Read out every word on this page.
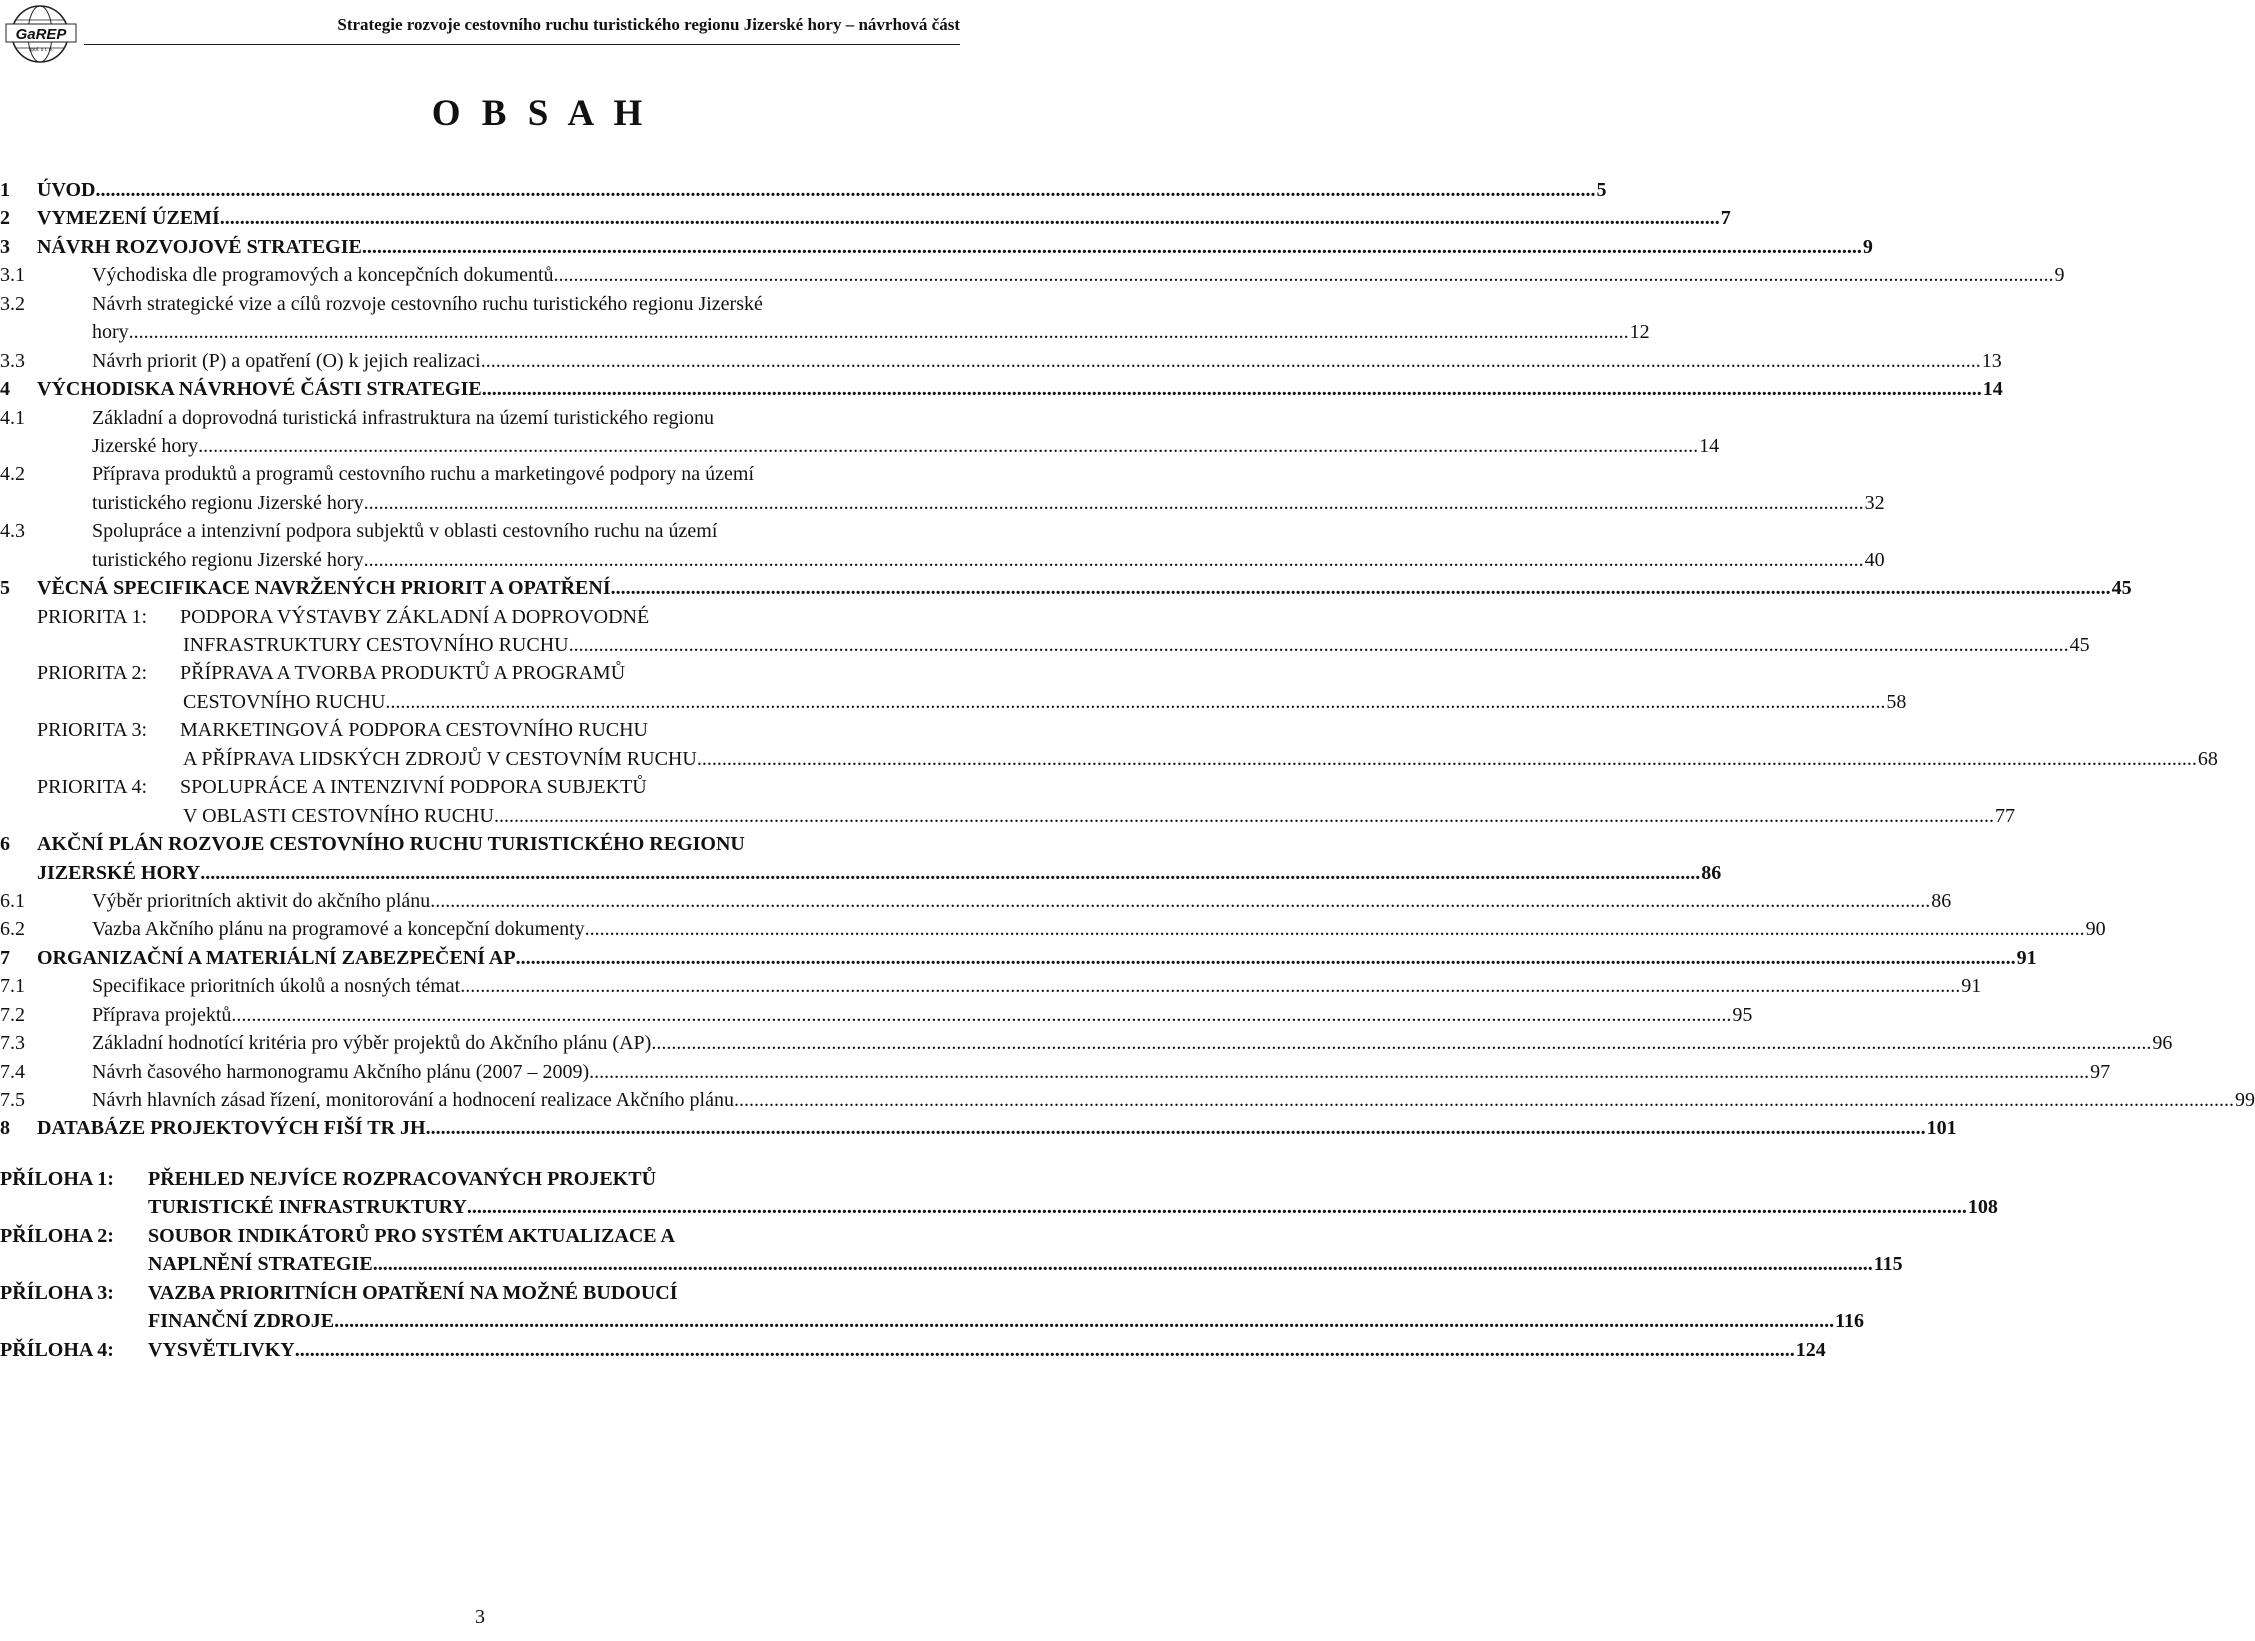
GaREP
spol. s r. o.
Strategie rozvoje cestovního ruchu turistického regionu Jizerské hory – návrhová část
O B S A H
1 ÚVOD ............................................................................................................................................................................................................................................................................................................ 5
2 VYMEZENÍ ÚZEMÍ ............................................................................................................................................................................................................................................................................................................ 7
3 NÁVRH ROZVOJOVÉ STRATEGIE ............................................................................................................................................................................................................................................................................................................ 9
3.1	Východiska dle programových a koncepčních dokumentů ............................................................................................................................................................................................................................................................................................................ 9
3.2	Návrh strategické vize a cílů rozvoje cestovního ruchu turistického regionu Jizerské
hory ............................................................................................................................................................................................................................................................................................................ 12
3.3	Návrh priorit (P) a opatření (O) k jejich realizaci ............................................................................................................................................................................................................................................................................................................ 13
4 VÝCHODISKA NÁVRHOVÉ ČÁSTI STRATEGIE ............................................................................................................................................................................................................................................................................................................ 14
4.1	Základní a doprovodná turistická infrastruktura na území turistického regionu
Jizerské hory ............................................................................................................................................................................................................................................................................................................ 14
4.2	Příprava produktů a programů cestovního ruchu a marketingové podpory na území
turistického regionu Jizerské hory ............................................................................................................................................................................................................................................................................................................ 32
4.3	Spolupráce a intenzivní podpora subjektů v oblasti cestovního ruchu na území
turistického regionu Jizerské hory ............................................................................................................................................................................................................................................................................................................ 40
5 VĚCNÁ SPECIFIKACE NAVRŽENÝCH PRIORIT A OPATŘENÍ ............................................................................................................................................................................................................................................................................................................ 45
PRIORITA 1: PODPORA VÝSTAVBY ZÁKLADNÍ A DOPROVODNÉ
INFRASTRUKTURY CESTOVNÍHO RUCHU ............................................................................................................................................................................................................................................................................................................ 45
PRIORITA 2: PŘÍPRAVA A TVORBA PRODUKTŮ A PROGRAMŮ
CESTOVNÍHO RUCHU ............................................................................................................................................................................................................................................................................................................ 58
PRIORITA 3: MARKETINGOVÁ PODPORA CESTOVNÍHO RUCHU
A PŘÍPRAVA LIDSKÝCH ZDROJŮ V CESTOVNÍM RUCHU ............................................................................................................................................................................................................................................................................................................ 68
PRIORITA 4: SPOLUPRÁCE A INTENZIVNÍ PODPORA SUBJEKTŮ
V OBLASTI CESTOVNÍHO RUCHU ............................................................................................................................................................................................................................................................................................................ 77
6 AKČNÍ PLÁN ROZVOJE CESTOVNÍHO RUCHU TURISTICKÉHO REGIONU
JIZERSKÉ HORY ............................................................................................................................................................................................................................................................................................................ 86
6.1	Výběr prioritních aktivit do akčního plánu ............................................................................................................................................................................................................................................................................................................ 86
6.2	Vazba Akčního plánu na programové a koncepční dokumenty ............................................................................................................................................................................................................................................................................................................ 90
7 ORGANIZAČNÍ A MATERIÁLNÍ ZABEZPEČENÍ AP ............................................................................................................................................................................................................................................................................................................ 91
7.1	Specifikace prioritních úkolů a nosných témat ............................................................................................................................................................................................................................................................................................................ 91
7.2	Příprava projektů ............................................................................................................................................................................................................................................................................................................ 95
7.3	Základní hodnotící kritéria pro výběr projektů do Akčního plánu (AP) ............................................................................................................................................................................................................................................................................................................ 96
7.4	Návrh časového harmonogramu Akčního plánu (2007 – 2009) ............................................................................................................................................................................................................................................................................................................ 97
7.5	Návrh hlavních zásad řízení, monitorování a hodnocení realizace Akčního plánu ............................................................................................................................................................................................................................................................................................................ 99
8 DATABÁZE PROJEKTOVÝCH FIŠÍ TR JH ............................................................................................................................................................................................................................................................................................................ 101
PŘÍLOHA 1: PŘEHLED NEJVÍCE ROZPRACOVANÝCH PROJEKTŮ
TURISTICKÉ INFRASTRUKTURY ............................................................................................................................................................................................................................................................................................................ 108
PŘÍLOHA 2: SOUBOR INDIKÁTORŮ PRO SYSTÉM AKTUALIZACE A
NAPLNĚNÍ STRATEGIE ............................................................................................................................................................................................................................................................................................................ 115
PŘÍLOHA 3: VAZBA PRIORITNÍCH OPATŘENÍ NA MOŽNÉ BUDOUCÍ
FINANČNÍ ZDROJE ............................................................................................................................................................................................................................................................................................................ 116
PŘÍLOHA 4: VYSVĚTLIVKY ............................................................................................................................................................................................................................................................................................................ 124
3
